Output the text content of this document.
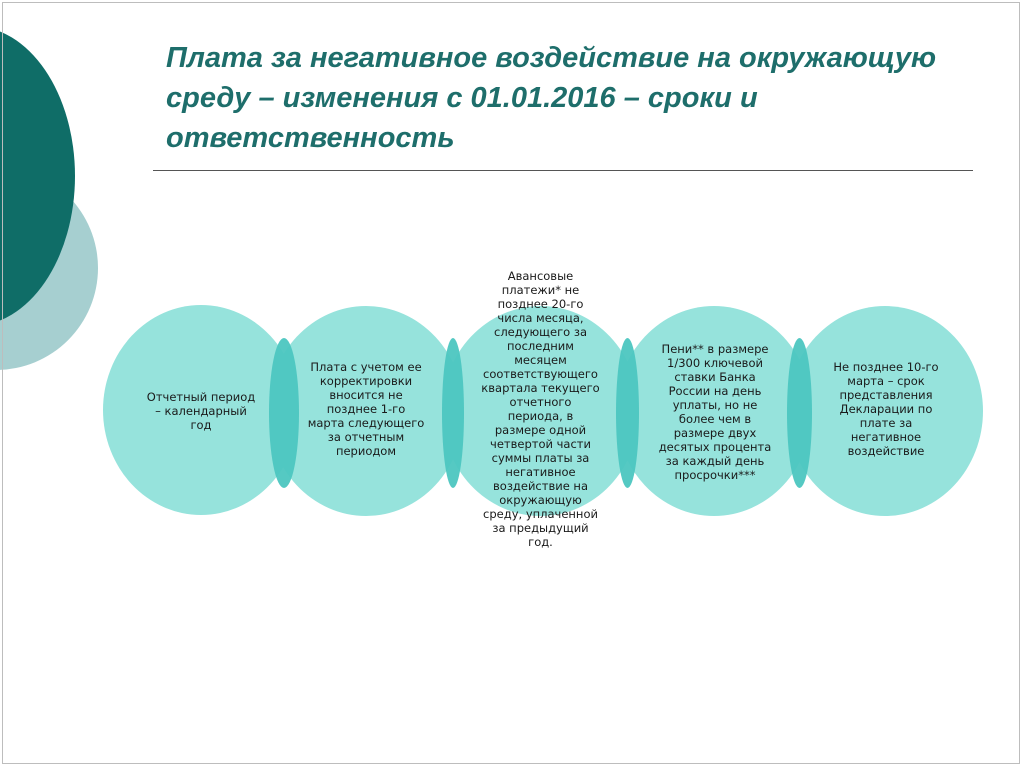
Плата за негативное воздействие на окружающую среду – изменения с 01.01.2016 – сроки и ответственность

Отчетный период
– календарный
год

Плата с учетом ее
корректировки
вносится не
позднее 1-го
марта следующего
за отчетным
периодом

Авансовые
платежи* не
позднее 20-го
числа месяца,
следующего за
последним
месяцем
соответствующего
квартала текущего
отчетного
периода, в
размере одной
четвертой части
суммы платы за
негативное
воздействие на
окружающую
среду, уплаченной
за предыдущий
год.

Пени** в размере
1/300 ключевой
ставки Банка
России на день
уплаты, но не
более чем в
размере двух
десятых процента
за каждый день
просрочки***

Не позднее 10-го
марта – срок
представления
Декларации по
плате за
негативное
воздействие
